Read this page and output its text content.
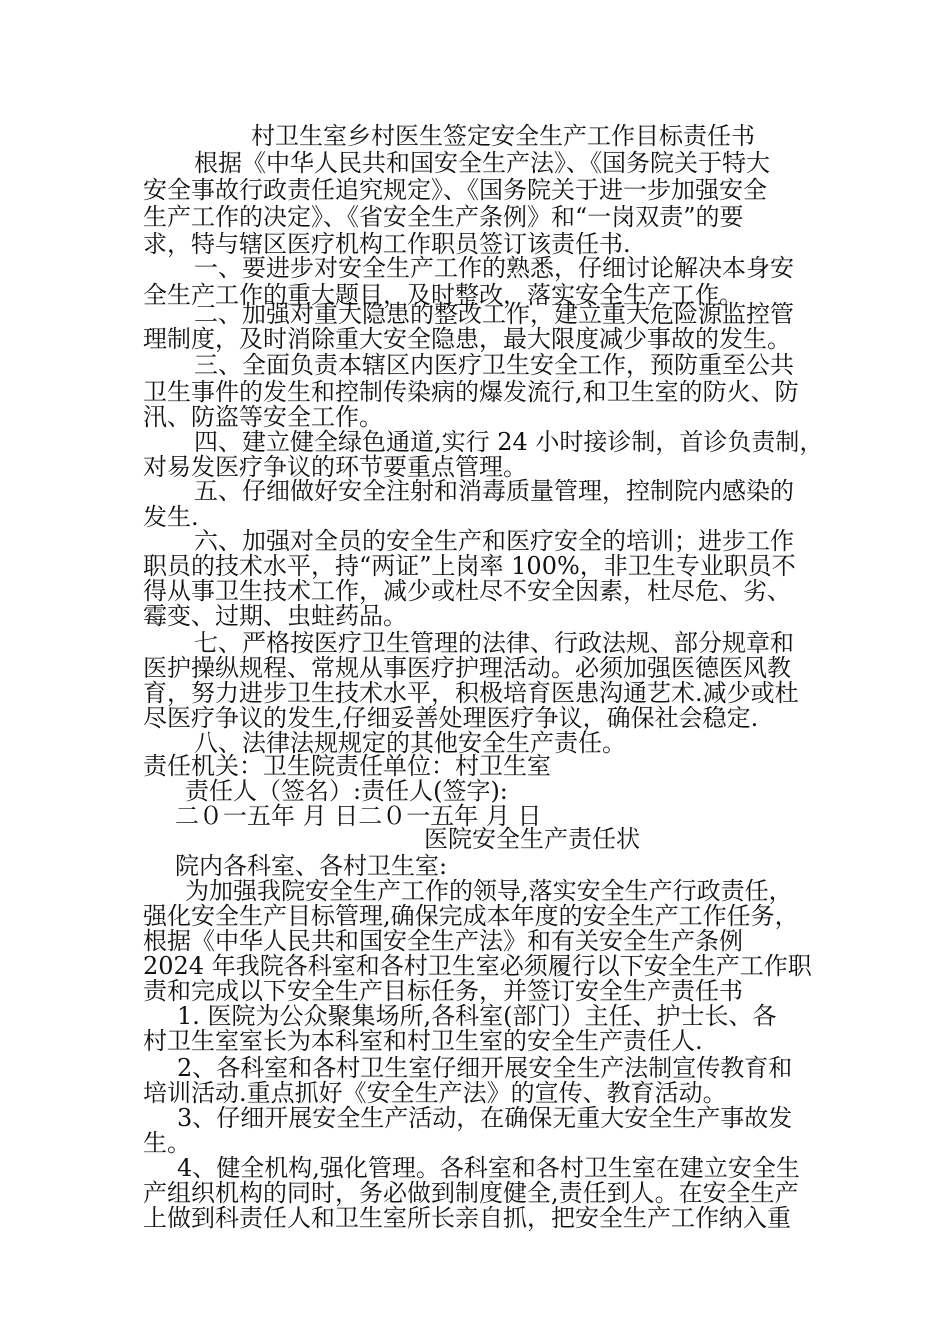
村卫生室乡村医生签定安全生产工作目标责任书
根据《中华人民共和国安全生产法》、《国务院关于特大
安全事故行政责任追究规定》、《国务院关于进一步加强安全
生产工作的决定》、《省安全生产条例》和“一岗双责”的要
求，特与辖区医疗机构工作职员签订该责任书.
一、要进步对安全生产工作的熟悉，仔细讨论解决本身安
全生产工作的重大题目，及时整改，落实安全生产工作。
二、加强对重大隐患的整改工作，建立重大危险源监控管
理制度，及时消除重大安全隐患，最大限度减少事故的发生。
三、全面负责本辖区内医疗卫生安全工作，预防重至公共
卫生事件的发生和控制传染病的爆发流行,和卫生室的防火、防
汛、防盗等安全工作。
四、建立健全绿色通道,实行 24 小时接诊制，首诊负责制，
对易发医疗争议的环节要重点管理。
五、仔细做好安全注射和消毒质量管理，控制院内感染的
发生.
六、加强对全员的安全生产和医疗安全的培训；进步工作
职员的技术水平，持“两证”上岗率 100%，非卫生专业职员不
得从事卫生技术工作，减少或杜尽不安全因素，杜尽危、劣、
霉变、过期、虫蛀药品。
七、严格按医疗卫生管理的法律、行政法规、部分规章和
医护操纵规程、常规从事医疗护理活动。必须加强医德医风教
育，努力进步卫生技术水平，积极培育医患沟通艺术.减少或杜
尽医疗争议的发生,仔细妥善处理医疗争议，确保社会稳定.
八、法律法规规定的其他安全生产责任。
责任机关：卫生院责任单位：村卫生室
责任人（签名）:责任人(签字):
二０一五年 月 日二０一五年 月 日
医院安全生产责任状
院内各科室、各村卫生室:
为加强我院安全生产工作的领导,落实安全生产行政责任，
强化安全生产目标管理,确保完成本年度的安全生产工作任务，
根据《中华人民共和国安全生产法》和有关安全生产条例
2024 年我院各科室和各村卫生室必须履行以下安全生产工作职
责和完成以下安全生产目标任务，并签订安全生产责任书
1. 医院为公众聚集场所,各科室(部门）主任、护士长、各
村卫生室室长为本科室和村卫生室的安全生产责任人.
2、各科室和各村卫生室仔细开展安全生产法制宣传教育和
培训活动.重点抓好《安全生产法》的宣传、教育活动。
3、仔细开展安全生产活动，在确保无重大安全生产事故发
生。
4、健全机构,强化管理。各科室和各村卫生室在建立安全生
产组织机构的同时，务必做到制度健全,责任到人。在安全生产
上做到科责任人和卫生室所长亲自抓，把安全生产工作纳入重
